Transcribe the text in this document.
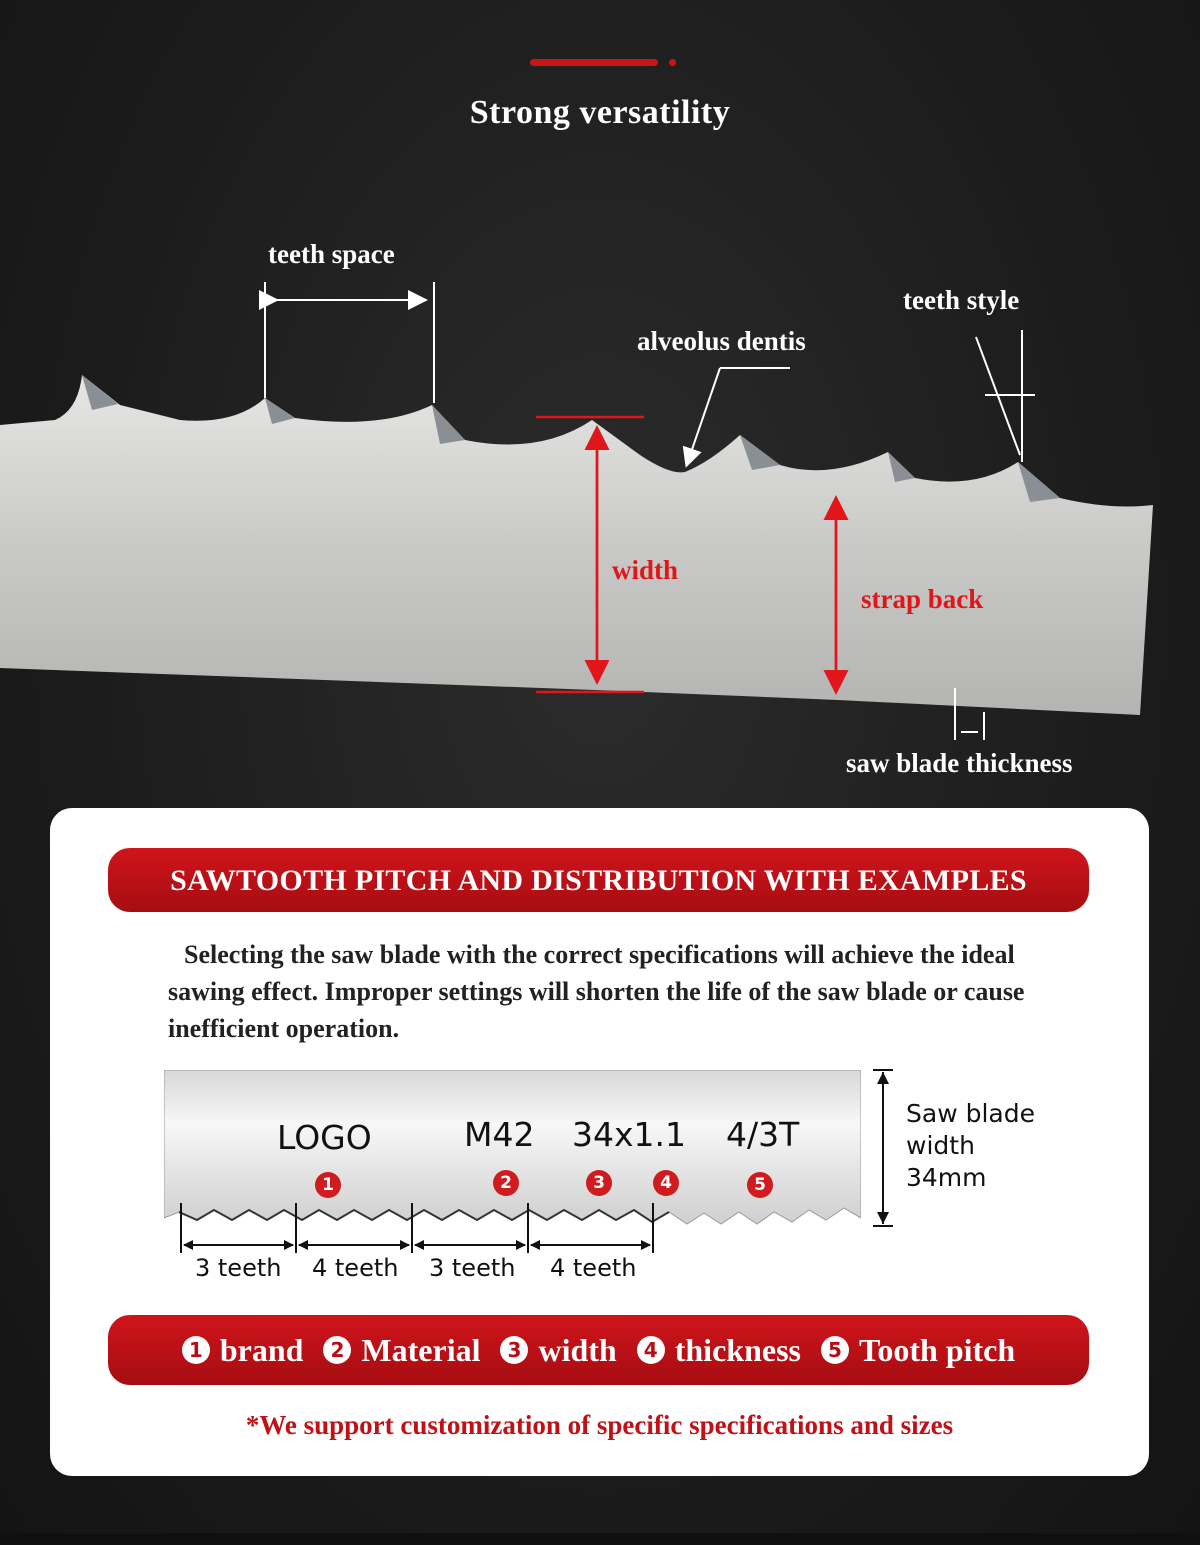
Strong versatility
teeth space
teeth style
alveolus dentis
width
strap back
saw blade thickness
SAWTOOTH PITCH AND DISTRIBUTION WITH EXAMPLES
Selecting the saw blade with the correct specifications will achieve the ideal sawing effect. Improper settings will shorten the life of the saw blade or cause inefficient operation.
LOGO	M42 34x1.1 4/3T
1	2	3	4	5
Saw blade
width
34mm
3 teeth 4 teeth 3 teeth 4 teeth
1 brand 2 Material 3 width 4 thickness 5 Tooth pitch
*We support customization of specific specifications and sizes
